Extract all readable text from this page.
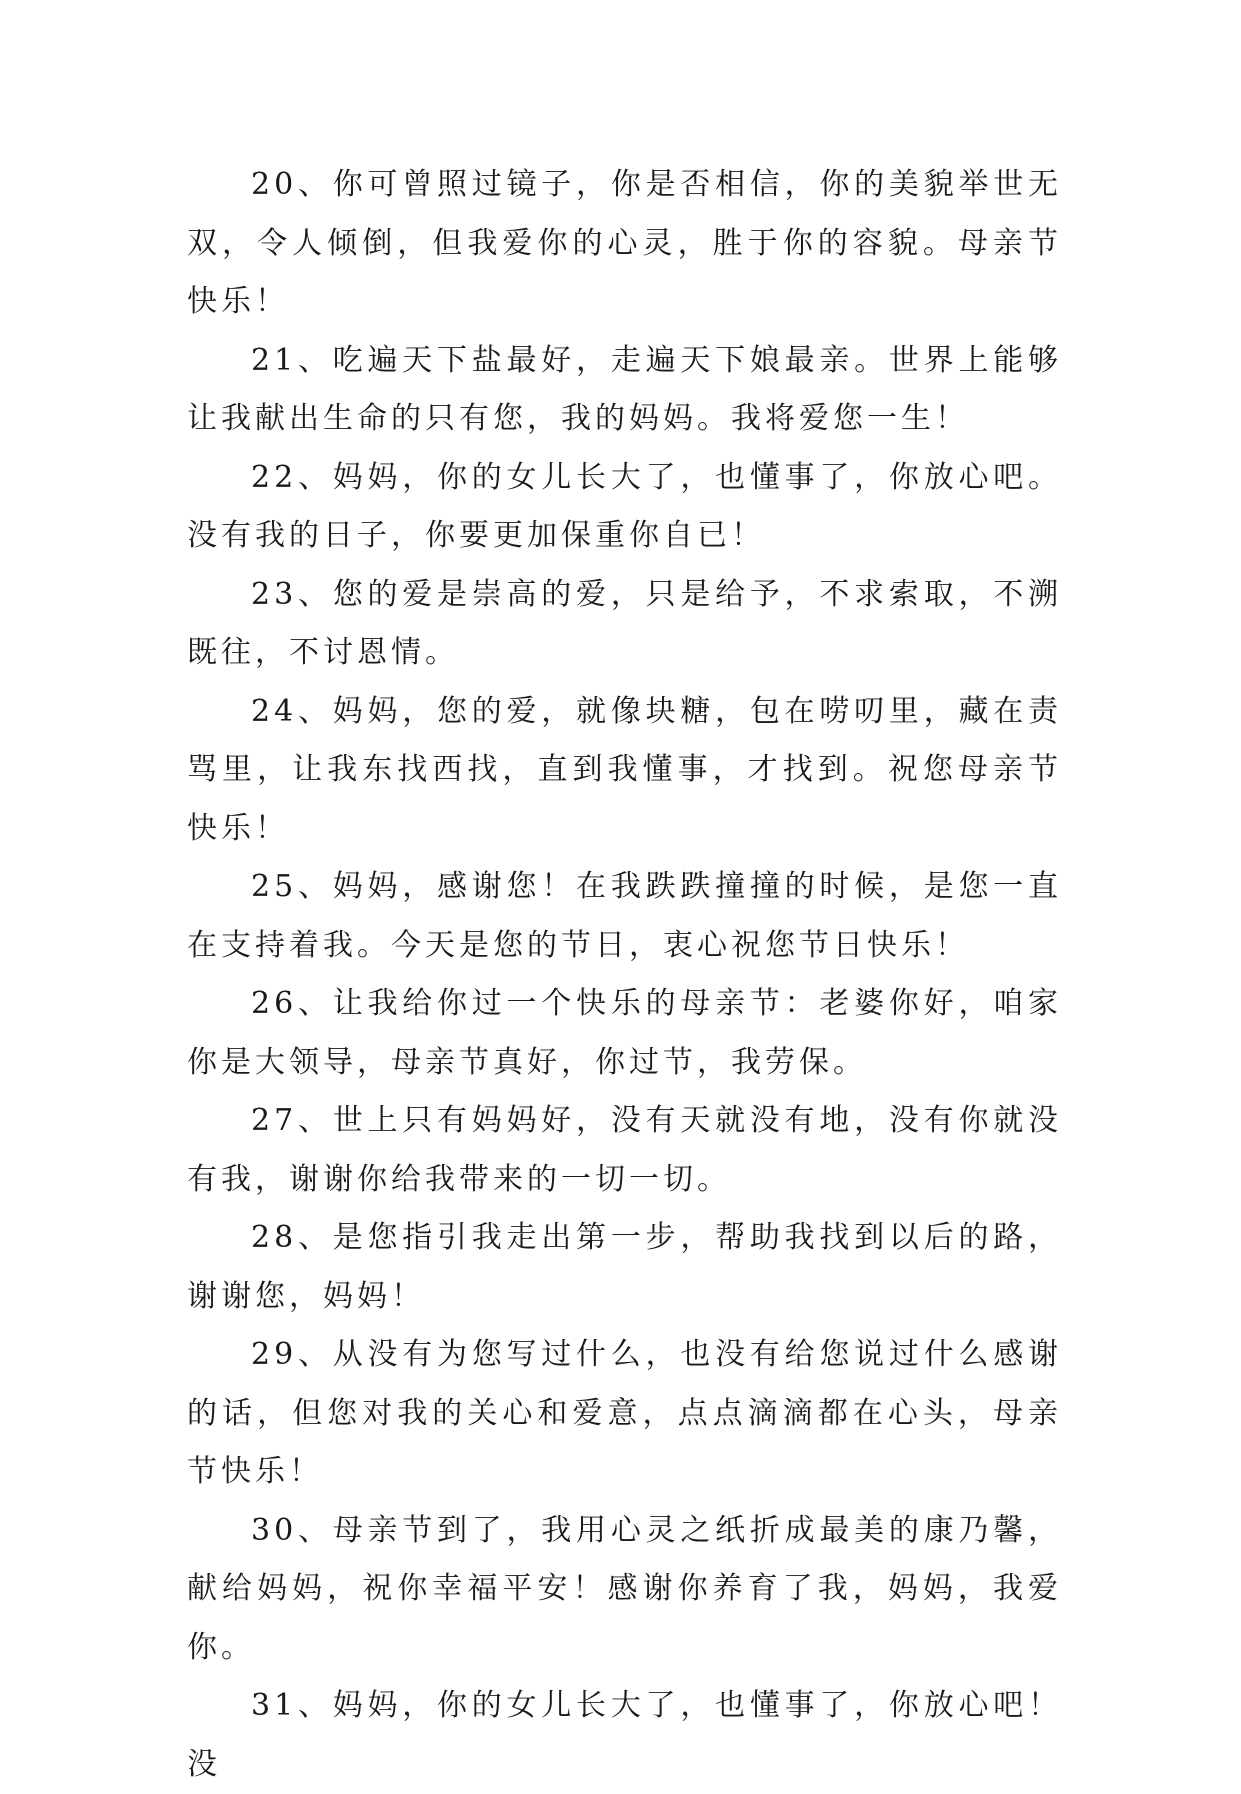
20、你可曾照过镜子，你是否相信，你的美貌举世无双，令人倾倒，但我爱你的心灵，胜于你的容貌。母亲节快乐！

21、吃遍天下盐最好，走遍天下娘最亲。世界上能够让我献出生命的只有您，我的妈妈。我将爱您一生！

22、妈妈，你的女儿长大了，也懂事了，你放心吧。没有我的日子，你要更加保重你自已！

23、您的爱是崇高的爱，只是给予，不求索取，不溯既往，不讨恩情。

24、妈妈，您的爱，就像块糖，包在唠叨里，藏在责骂里，让我东找西找，直到我懂事，才找到。祝您母亲节快乐！

25、妈妈，感谢您！在我跌跌撞撞的时候，是您一直在支持着我。今天是您的节日，衷心祝您节日快乐！

26、让我给你过一个快乐的母亲节：老婆你好，咱家你是大领导，母亲节真好，你过节，我劳保。

27、世上只有妈妈好，没有天就没有地，没有你就没有我，谢谢你给我带来的一切一切。

28、是您指引我走出第一步，帮助我找到以后的路，谢谢您，妈妈！

29、从没有为您写过什么，也没有给您说过什么感谢的话，但您对我的关心和爱意，点点滴滴都在心头，母亲节快乐！

30、母亲节到了，我用心灵之纸折成最美的康乃馨，献给妈妈，祝你幸福平安！感谢你养育了我，妈妈，我爱你。

31、妈妈，你的女儿长大了，也懂事了，你放心吧！没
